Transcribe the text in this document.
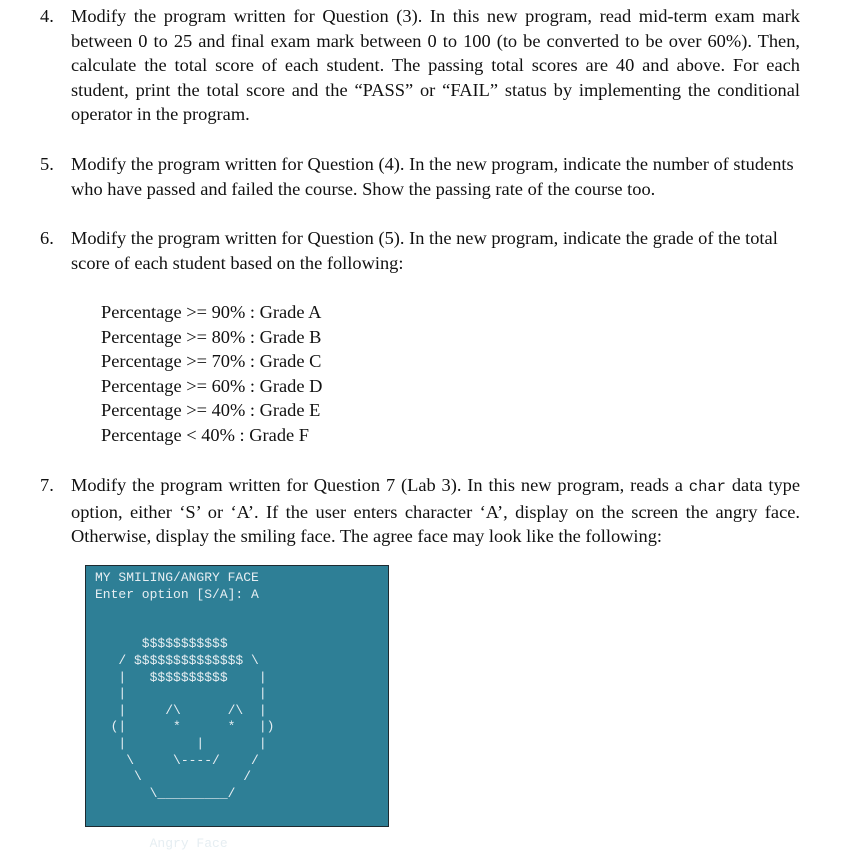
4. Modify the program written for Question (3). In this new program, read mid-term exam mark between 0 to 25 and final exam mark between 0 to 100 (to be converted to be over 60%). Then, calculate the total score of each student. The passing total scores are 40 and above. For each student, print the total score and the “PASS” or “FAIL” status by implementing the conditional operator in the program.
5. Modify the program written for Question (4). In the new program, indicate the number of students who have passed and failed the course. Show the passing rate of the course too.
6. Modify the program written for Question (5). In the new program, indicate the grade of the total score of each student based on the following:
Percentage >= 90% : Grade A
Percentage >= 80% : Grade B
Percentage >= 70% : Grade C
Percentage >= 60% : Grade D
Percentage >= 40% : Grade E
Percentage < 40% : Grade F
7. Modify the program written for Question 7 (Lab 3). In this new program, reads a char data type option, either ‘S’ or ‘A’. If the user enters character ‘A’, display on the screen the angry face. Otherwise, display the smiling face. The agree face may look like the following:
MY SMILING/ANGRY FACE
Enter option [S/A]: A

$$$$$$$$$$$
/ $$$$$$$$$$$$$$ \
|   $$$$$$$$$$    |
|                 |
|     /\      /\  |
(|      *      *   |)
|         |       |
\     \----/    /
\             /
\_________/

Angry Face
